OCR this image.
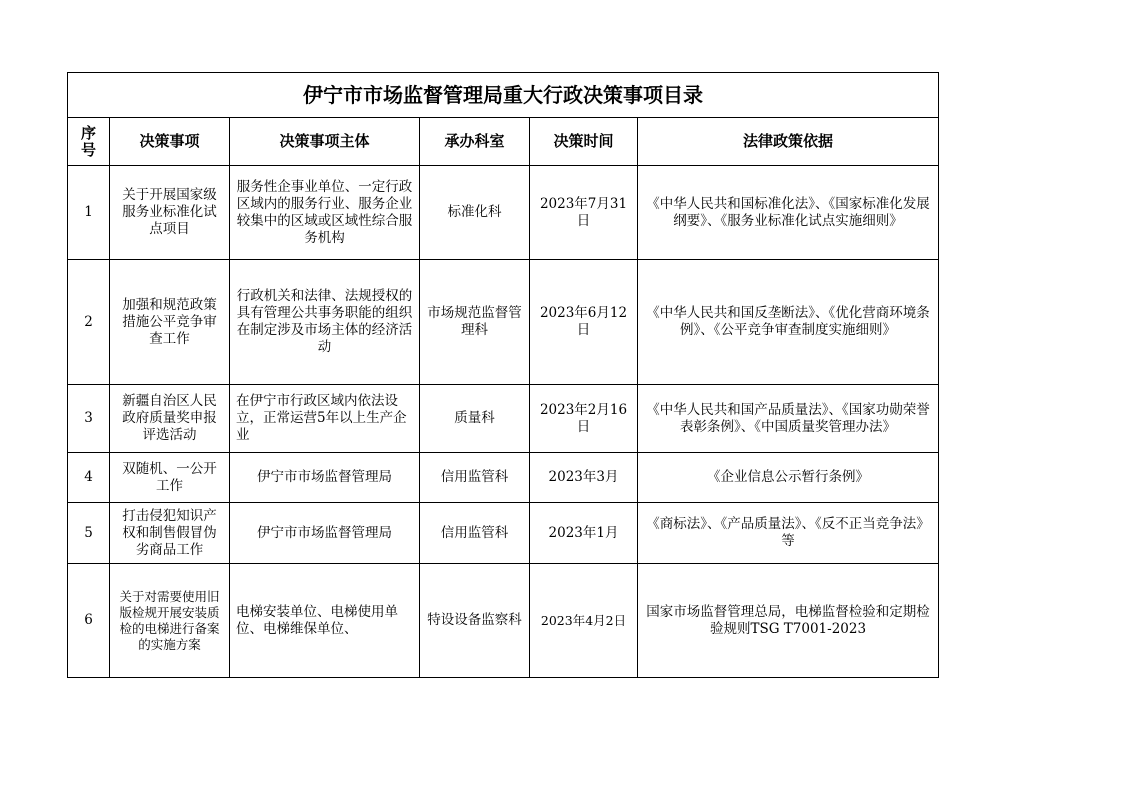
伊宁市市场监督管理局重大行政决策事项目录					
序号	决策事项	决策事项主体	承办科室	决策时间	法律政策依据
1	关于开展国家级服务业标准化试点项目	服务性企事业单位、一定行政区域内的服务行业、服务企业较集中的区域或区域性综合服务机构	标准化科	2023年7月31日	《中华人民共和国标准化法》、《国家标准化发展纲要》、《服务业标准化试点实施细则》
2	加强和规范政策措施公平竞争审查工作	行政机关和法律、法规授权的具有管理公共事务职能的组织在制定涉及市场主体的经济活动	市场规范监督管理科	2023年6月12日	《中华人民共和国反垄断法》、《优化营商环境条例》、《公平竞争审查制度实施细则》
3	新疆自治区人民政府质量奖申报评选活动	在伊宁市行政区域内依法设立，正常运营5年以上生产企业	质量科	2023年2月16日	《中华人民共和国产品质量法》、《国家功勋荣誉表彰条例》、《中国质量奖管理办法》
4	双随机、一公开工作	伊宁市市场监督管理局	信用监管科	2023年3月	《企业信息公示暂行条例》
5	打击侵犯知识产权和制售假冒伪劣商品工作	伊宁市市场监督管理局	信用监管科	2023年1月	《商标法》、《产品质量法》、《反不正当竞争法》等
6	关于对需要使用旧版检规开展安装质检的电梯进行备案的实施方案	电梯安装单位、电梯使用单位、电梯维保单位、	特设设备监察科	2023年4月2日	国家市场监督管理总局，电梯监督检验和定期检验规则TSG T7001-2023
